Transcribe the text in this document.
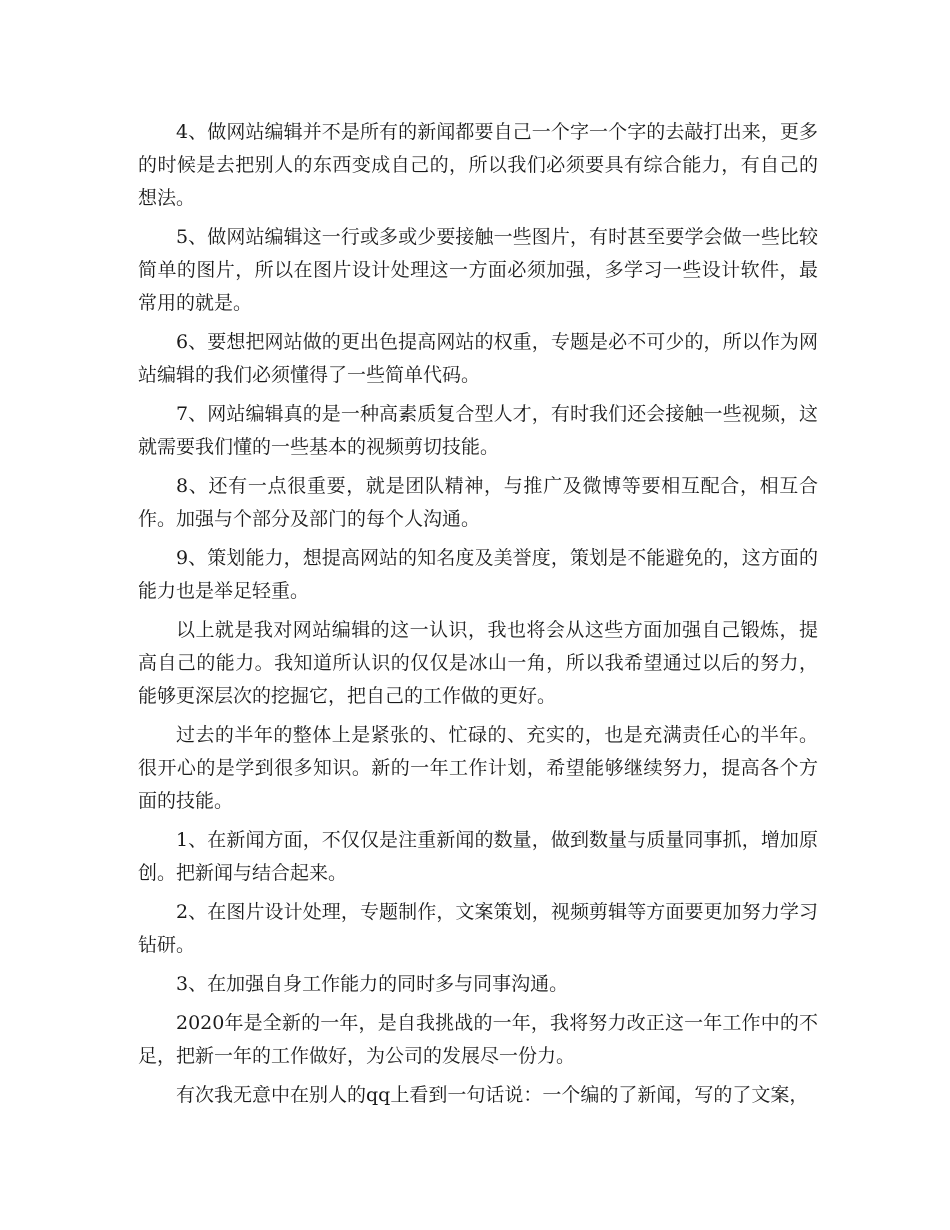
4、做网站编辑并不是所有的新闻都要自己一个字一个字的去敲打出来，更多的时候是去把别人的东西变成自己的，所以我们必须要具有综合能力，有自己的想法。

5、做网站编辑这一行或多或少要接触一些图片，有时甚至要学会做一些比较简单的图片，所以在图片设计处理这一方面必须加强，多学习一些设计软件，最常用的就是。

6、要想把网站做的更出色提高网站的权重，专题是必不可少的，所以作为网站编辑的我们必须懂得了一些简单代码。

7、网站编辑真的是一种高素质复合型人才，有时我们还会接触一些视频，这就需要我们懂的一些基本的视频剪切技能。

8、还有一点很重要，就是团队精神，与推广及微博等要相互配合，相互合作。加强与个部分及部门的每个人沟通。

9、策划能力，想提高网站的知名度及美誉度，策划是不能避免的，这方面的能力也是举足轻重。

以上就是我对网站编辑的这一认识，我也将会从这些方面加强自己锻炼，提高自己的能力。我知道所认识的仅仅是冰山一角，所以我希望通过以后的努力，能够更深层次的挖掘它，把自己的工作做的更好。

过去的半年的整体上是紧张的、忙碌的、充实的，也是充满责任心的半年。很开心的是学到很多知识。新的一年工作计划，希望能够继续努力，提高各个方面的技能。

1、在新闻方面，不仅仅是注重新闻的数量，做到数量与质量同事抓，增加原创。把新闻与结合起来。

2、在图片设计处理，专题制作，文案策划，视频剪辑等方面要更加努力学习钻研。

3、在加强自身工作能力的同时多与同事沟通。

2020年是全新的一年，是自我挑战的一年，我将努力改正这一年工作中的不足，把新一年的工作做好，为公司的发展尽一份力。

有次我无意中在别人的qq上看到一句话说：一个编的了新闻，写的了文案，
